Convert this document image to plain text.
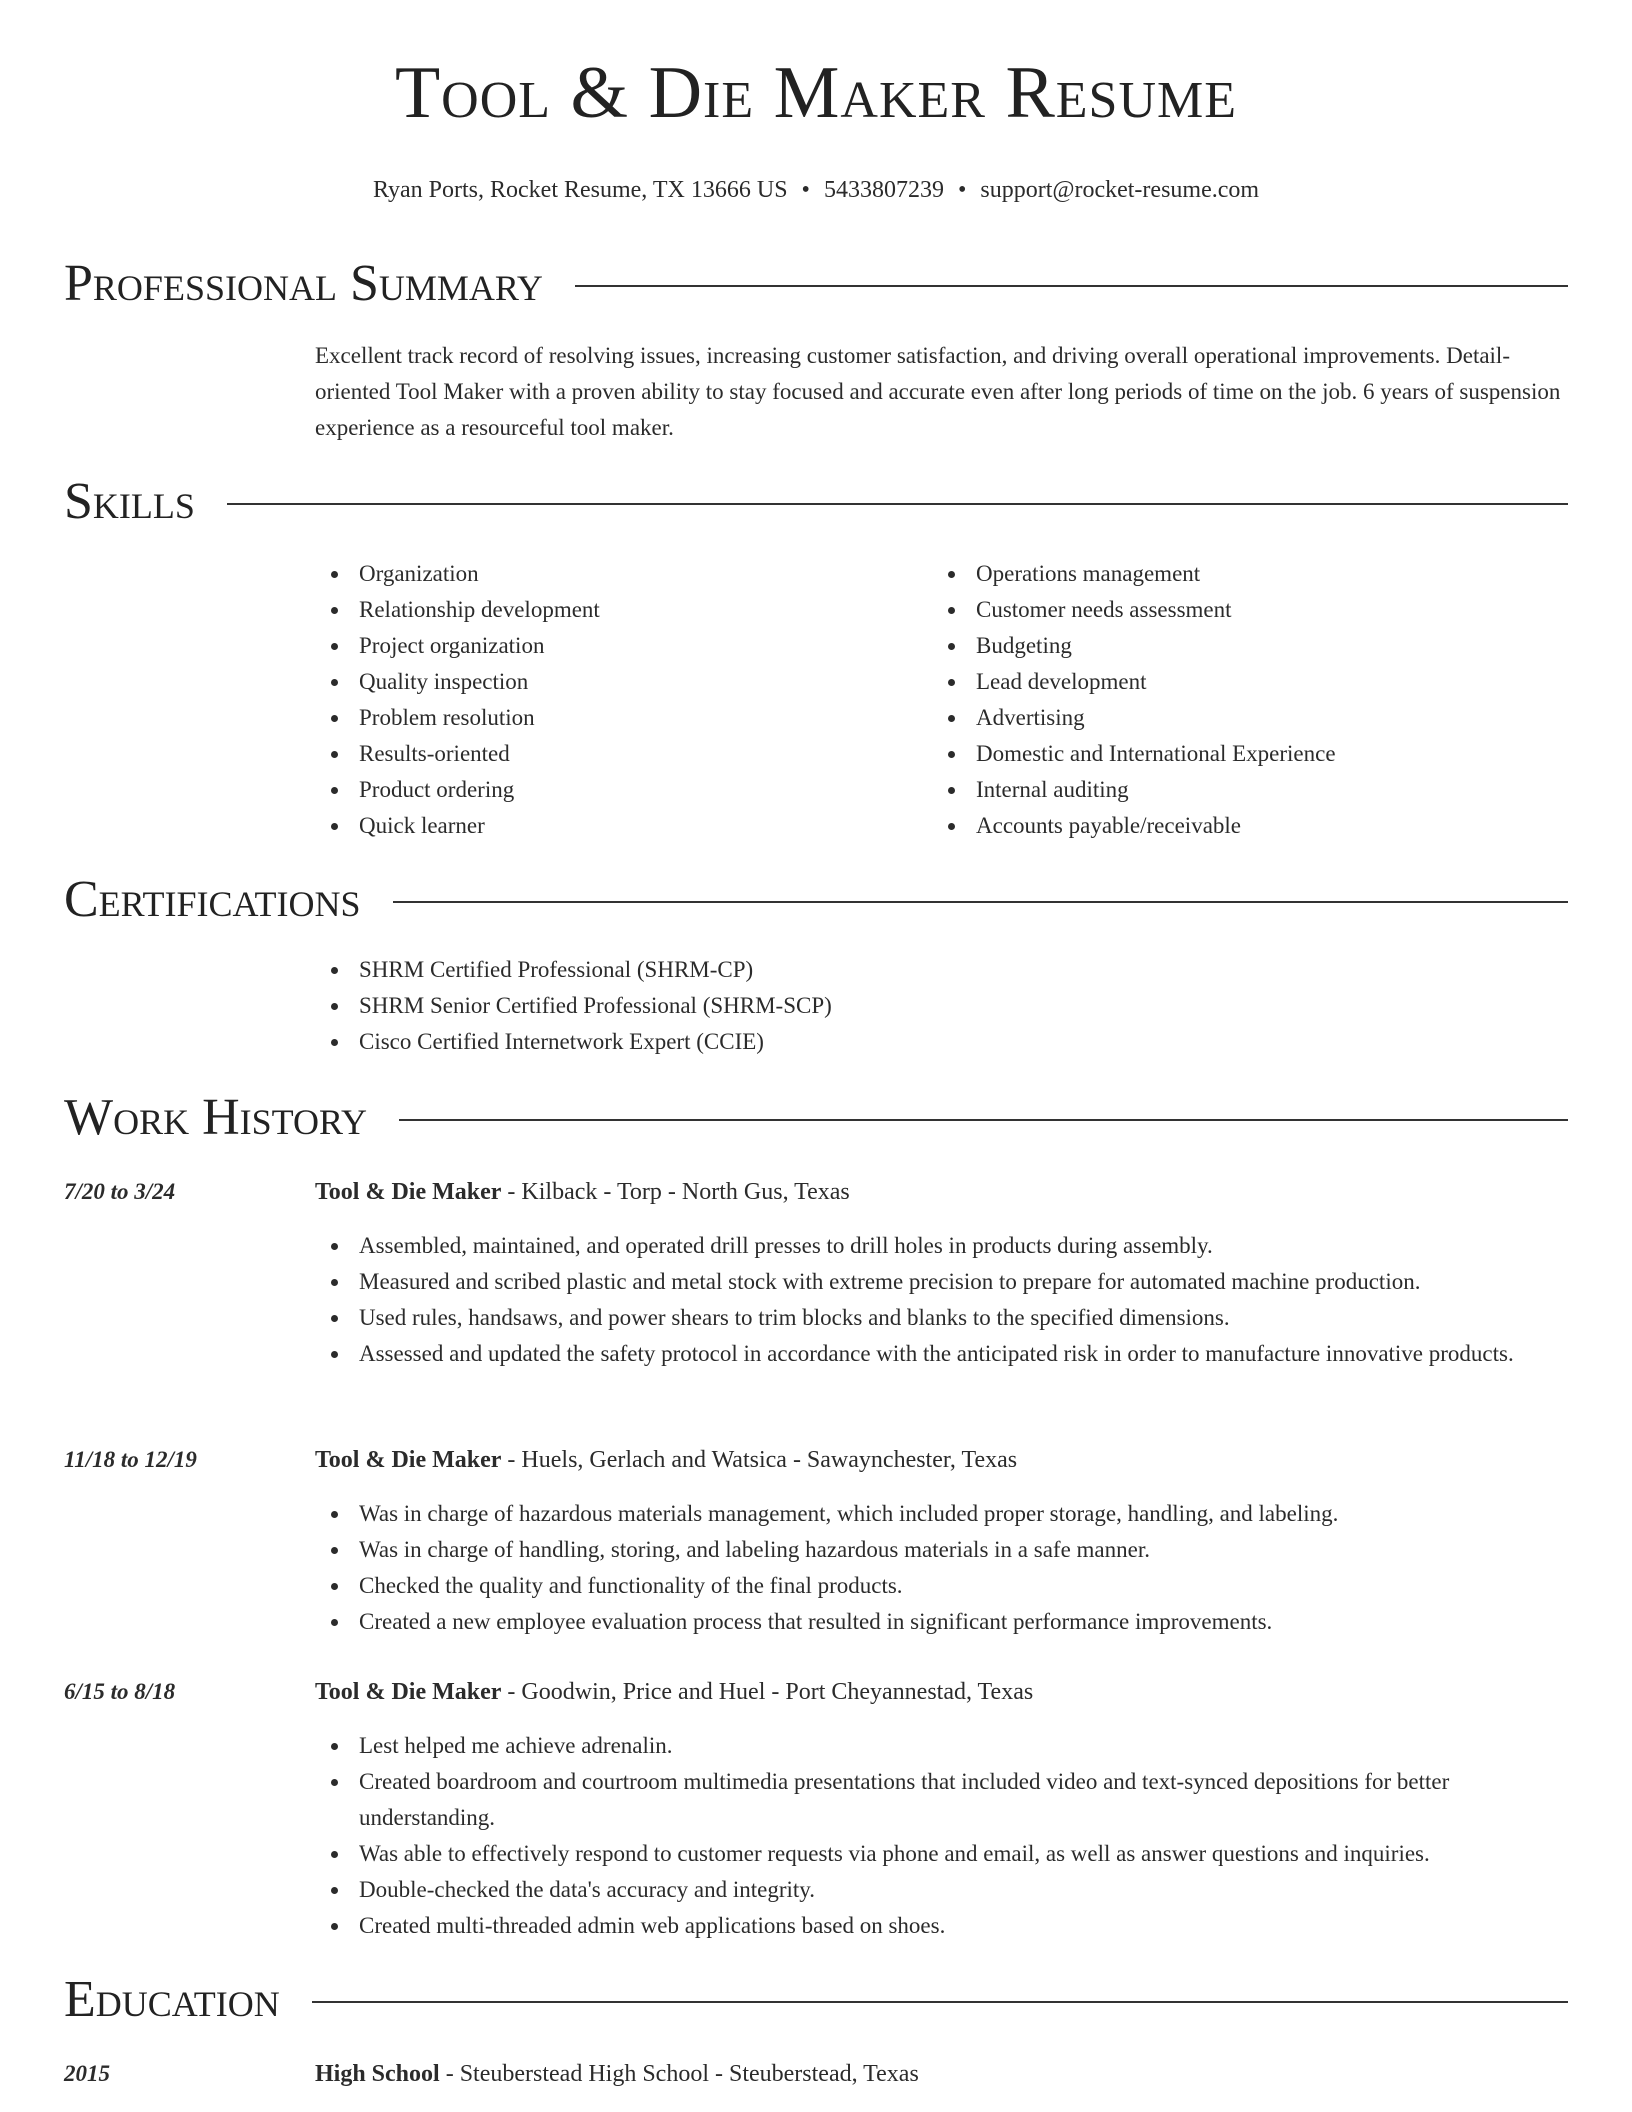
Tool & Die Maker Resume
Ryan Ports, Rocket Resume, TX 13666 US • 5433807239 • support@rocket-resume.com
Professional Summary
Excellent track record of resolving issues, increasing customer satisfaction, and driving overall operational improvements. Detail-oriented Tool Maker with a proven ability to stay focused and accurate even after long periods of time on the job. 6 years of suspension experience as a resourceful tool maker.
Skills
Organization
Relationship development
Project organization
Quality inspection
Problem resolution
Results-oriented
Product ordering
Quick learner
Operations management
Customer needs assessment
Budgeting
Lead development
Advertising
Domestic and International Experience
Internal auditing
Accounts payable/receivable
Certifications
SHRM Certified Professional (SHRM-CP)
SHRM Senior Certified Professional (SHRM-SCP)
Cisco Certified Internetwork Expert (CCIE)
Work History
7/20 to 3/24	Tool & Die Maker - Kilback - Torp - North Gus, Texas
Assembled, maintained, and operated drill presses to drill holes in products during assembly.
Measured and scribed plastic and metal stock with extreme precision to prepare for automated machine production.
Used rules, handsaws, and power shears to trim blocks and blanks to the specified dimensions.
Assessed and updated the safety protocol in accordance with the anticipated risk in order to manufacture innovative products.
11/18 to 12/19	Tool & Die Maker - Huels, Gerlach and Watsica - Sawaynchester, Texas
Was in charge of hazardous materials management, which included proper storage, handling, and labeling.
Was in charge of handling, storing, and labeling hazardous materials in a safe manner.
Checked the quality and functionality of the final products.
Created a new employee evaluation process that resulted in significant performance improvements.
6/15 to 8/18	Tool & Die Maker - Goodwin, Price and Huel - Port Cheyannestad, Texas
Lest helped me achieve adrenalin.
Created boardroom and courtroom multimedia presentations that included video and text-synced depositions for better understanding.
Was able to effectively respond to customer requests via phone and email, as well as answer questions and inquiries.
Double-checked the data's accuracy and integrity.
Created multi-threaded admin web applications based on shoes.
Education
2015	High School - Steuberstead High School - Steuberstead, Texas
